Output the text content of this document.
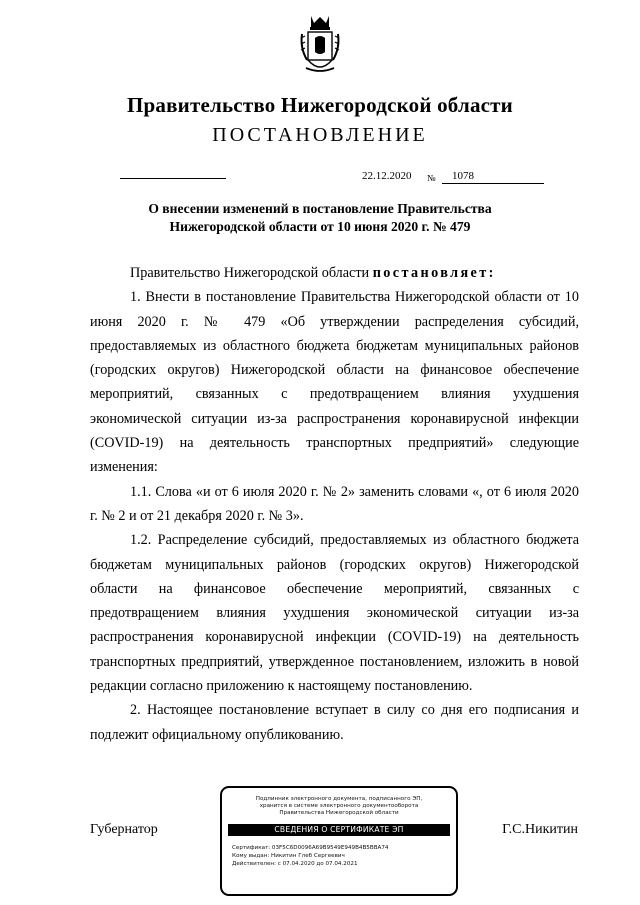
Правительство Нижегородской области
ПОСТАНОВЛЕНИЕ
22.12.2020 №	1078
О внесении изменений в постановление Правительства
Нижегородской области от 10 июня 2020 г. № 479

Правительство Нижегородской области постановляет:

1. Внести в постановление Правительства Нижегородской области от 10 июня 2020 г. № 479 «Об утверждении распределения субсидий, предоставляемых из областного бюджета бюджетам муниципальных районов (городских округов) Нижегородской области на финансовое обеспечение мероприятий, связанных с предотвращением влияния ухудшения экономической ситуации из-за распространения коронавирусной инфекции (COVID-19) на деятельность транспортных предприятий» следующие изменения:

1.1. Слова «и от 6 июля 2020 г. № 2» заменить словами «, от 6 июля 2020 г. № 2 и от 21 декабря 2020 г. № 3».

1.2. Распределение субсидий, предоставляемых из областного бюджета бюджетам муниципальных районов (городских округов) Нижегородской области на финансовое обеспечение мероприятий, связанных с предотвращением влияния ухудшения экономической ситуации из-за распространения коронавирусной инфекции (COVID-19) на деятельность транспортных предприятий, утвержденное постановлением, изложить в новой редакции согласно приложению к настоящему постановлению.

2. Настоящее постановление вступает в силу со дня его подписания и подлежит официальному опубликованию.

Губернатор	Г.С.Никитин
Подлинник электронного документа, подписанного ЭП,
хранится в системе электронного документооборота
Правительства Нижегородской области
СВЕДЕНИЯ О СЕРТИФИКАТЕ ЭП
Сертификат: 03F5C6D0096A69B9549E949B4B5BBA74
Кому выдан: Никитин Глеб Сергеевич
Действителен: с 07.04.2020 до 07.04.2021
